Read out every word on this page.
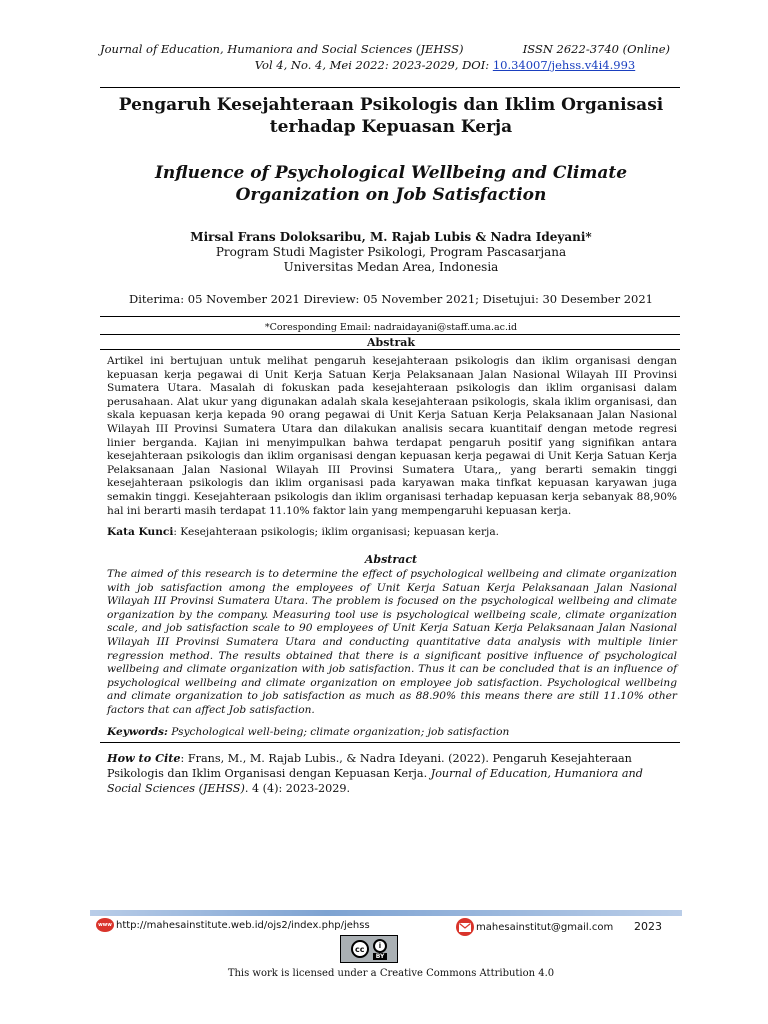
Journal of Education, Humaniora and Social Sciences (JEHSS)	ISSN 2622-3740 (Online)
Vol 4, No. 4, Mei 2022: 2023-2029, DOI: 10.34007/jehss.v4i4.993
Pengaruh Kesejahteraan Psikologis dan Iklim Organisasi terhadap Kepuasan Kerja
Influence of Psychological Wellbeing and Climate Organization on Job Satisfaction
Mirsal Frans Doloksaribu, M. Rajab Lubis & Nadra Ideyani*
Program Studi Magister Psikologi, Program Pascasarjana
Universitas Medan Area, Indonesia
Diterima: 05 November 2021 Direview: 05 November 2021; Disetujui: 30 Desember 2021
*Coresponding Email: nadraidayani@staff.uma.ac.id
Abstrak
Artikel ini bertujuan untuk melihat pengaruh kesejahteraan psikologis dan iklim organisasi dengan kepuasan kerja pegawai di Unit Kerja Satuan Kerja Pelaksanaan Jalan Nasional Wilayah III Provinsi Sumatera Utara. Masalah di fokuskan pada kesejahteraan psikologis dan iklim organisasi dalam perusahaan. Alat ukur yang digunakan adalah skala kesejahteraan psikologis, skala iklim organisasi, dan skala kepuasan kerja kepada 90 orang pegawai di Unit Kerja Satuan Kerja Pelaksanaan Jalan Nasional Wilayah III Provinsi Sumatera Utara dan dilakukan analisis secara kuantitaif dengan metode regresi linier berganda. Kajian ini menyimpulkan bahwa terdapat pengaruh positif yang signifikan antara kesejahteraan psikologis dan iklim organisasi dengan kepuasan kerja pegawai di Unit Kerja Satuan Kerja Pelaksanaan Jalan Nasional Wilayah III Provinsi Sumatera Utara,, yang berarti semakin tinggi kesejahteraan psikologis dan iklim organisasi pada karyawan maka tinfkat kepuasan karyawan juga semakin tinggi. Kesejahteraan psikologis dan iklim organisasi terhadap kepuasan kerja sebanyak 88,90% hal ini berarti masih terdapat 11.10% faktor lain yang mempengaruhi kepuasan kerja.
Kata Kunci: Kesejahteraan psikologis; iklim organisasi; kepuasan kerja.
Abstract
The aimed of this research is to determine the effect of psychological wellbeing and climate organization with job satisfaction among the employees of Unit Kerja Satuan Kerja Pelaksanaan Jalan Nasional Wilayah III Provinsi Sumatera Utara. The problem is focused on the psychological wellbeing and climate organization by the company. Measuring tool use is psychological wellbeing scale, climate organization scale, and job satisfaction scale to 90 employees of Unit Kerja Satuan Kerja Pelaksanaan Jalan Nasional Wilayah III Provinsi Sumatera Utara and conducting quantitative data analysis with multiple linier regression method. The results obtained that there is a significant positive influence of psychological wellbeing and climate organization with job satisfaction. Thus it can be concluded that is an influence of psychological wellbeing and climate organization on employee job satisfaction. Psychological wellbeing and climate organization to job satisfaction as much as 88.90% this means there are still 11.10% other factors that can affect Job satisfaction.
Keywords: Psychological well-being; climate organization; job satisfaction
How to Cite: Frans, M., M. Rajab Lubis., & Nadra Ideyani. (2022). Pengaruh Kesejahteraan Psikologis dan Iklim Organisasi dengan Kepuasan Kerja. Journal of Education, Humaniora and Social Sciences (JEHSS). 4 (4): 2023-2029.
www http://mahesainstitute.web.id/ojs2/index.php/jehss	mahesainstitut@gmail.com 2023
cc	i
BY
This work is licensed under a Creative Commons Attribution 4.0
